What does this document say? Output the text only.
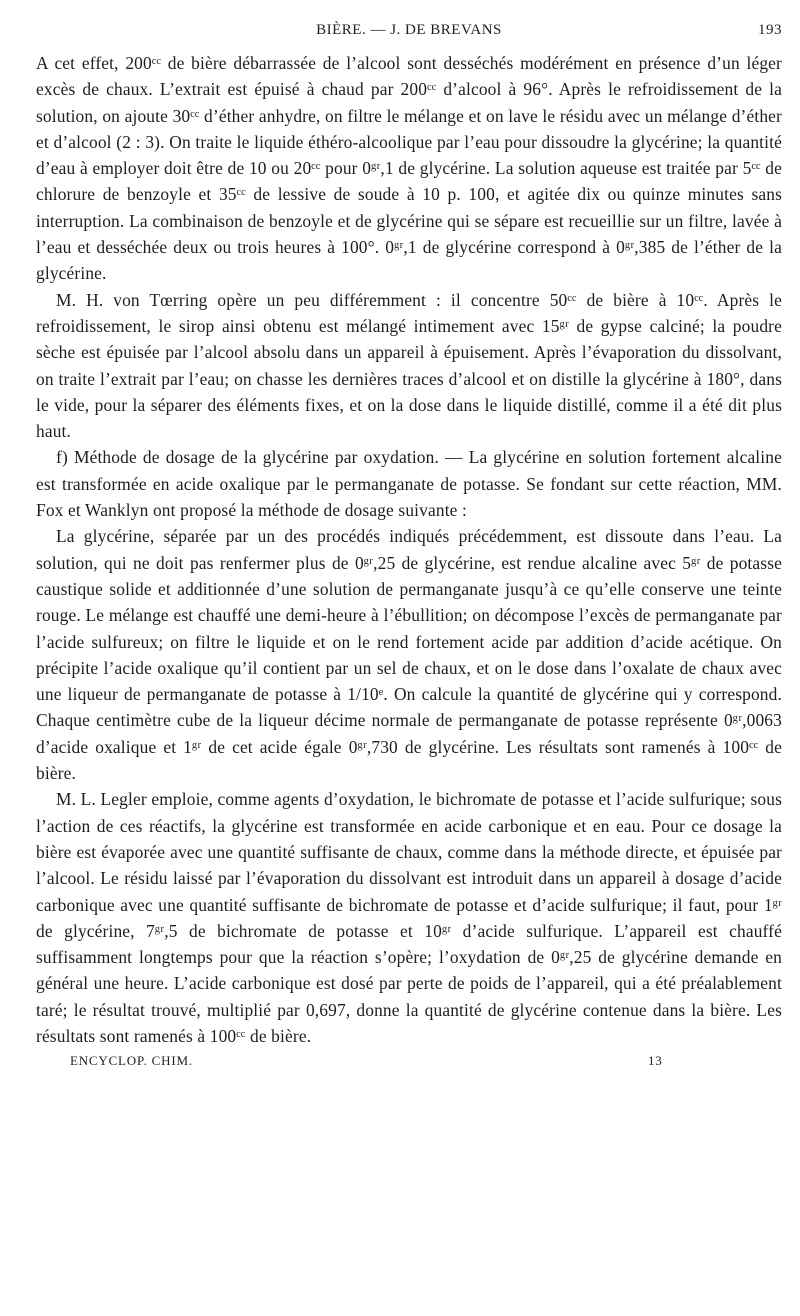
BIÈRE. — J. DE BREVANS	193

A cet effet, 200ᶜᶜ de bière débarrassée de l’alcool sont desséchés modérément en présence d’un léger excès de chaux. L’extrait est épuisé à chaud par 200ᶜᶜ d’alcool à 96°. Après le refroidissement de la solution, on ajoute 30ᶜᶜ d’éther anhydre, on filtre le mélange et on lave le résidu avec un mélange d’éther et d’alcool (2 : 3). On traite le liquide éthéro-alcoolique par l’eau pour dissoudre la glycérine; la quantité d’eau à employer doit être de 10 ou 20ᶜᶜ pour 0ᵍʳ,1 de glycérine. La solution aqueuse est traitée par 5ᶜᶜ de chlorure de benzoyle et 35ᶜᶜ de lessive de soude à 10 p. 100, et agitée dix ou quinze minutes sans interruption. La combinaison de benzoyle et de glycérine qui se sépare est recueillie sur un filtre, lavée à l’eau et desséchée deux ou trois heures à 100°. 0ᵍʳ,1 de glycérine correspond à 0ᵍʳ,385 de l’éther de la glycérine.

M. H. von Tœrring opère un peu différemment : il concentre 50ᶜᶜ de bière à 10ᶜᶜ. Après le refroidissement, le sirop ainsi obtenu est mélangé intimement avec 15ᵍʳ de gypse calciné; la poudre sèche est épuisée par l’alcool absolu dans un appareil à épuisement. Après l’évaporation du dissolvant, on traite l’extrait par l’eau; on chasse les dernières traces d’alcool et on distille la glycérine à 180°, dans le vide, pour la séparer des éléments fixes, et on la dose dans le liquide distillé, comme il a été dit plus haut.

f) Méthode de dosage de la glycérine par oxydation. — La glycérine en solution fortement alcaline est transformée en acide oxalique par le permanganate de potasse. Se fondant sur cette réaction, MM. Fox et Wanklyn ont proposé la méthode de dosage suivante :

La glycérine, séparée par un des procédés indiqués précédemment, est dissoute dans l’eau. La solution, qui ne doit pas renfermer plus de 0ᵍʳ,25 de glycérine, est rendue alcaline avec 5ᵍʳ de potasse caustique solide et additionnée d’une solution de permanganate jusqu’à ce qu’elle conserve une teinte rouge. Le mélange est chauffé une demi-heure à l’ébullition; on décompose l’excès de permanganate par l’acide sulfureux; on filtre le liquide et on le rend fortement acide par addition d’acide acétique. On précipite l’acide oxalique qu’il contient par un sel de chaux, et on le dose dans l’oxalate de chaux avec une liqueur de permanganate de potasse à 1/10ᵉ. On calcule la quantité de glycérine qui y correspond. Chaque centimètre cube de la liqueur décime normale de permanganate de potasse représente 0ᵍʳ,0063 d’acide oxalique et 1ᵍʳ de cet acide égale 0ᵍʳ,730 de glycérine. Les résultats sont ramenés à 100ᶜᶜ de bière.

M. L. Legler emploie, comme agents d’oxydation, le bichromate de potasse et l’acide sulfurique; sous l’action de ces réactifs, la glycérine est transformée en acide carbonique et en eau. Pour ce dosage la bière est évaporée avec une quantité suffisante de chaux, comme dans la méthode directe, et épuisée par l’alcool. Le résidu laissé par l’évaporation du dissolvant est introduit dans un appareil à dosage d’acide carbonique avec une quantité suffisante de bichromate de potasse et d’acide sulfurique; il faut, pour 1ᵍʳ de glycérine, 7ᵍʳ,5 de bichromate de potasse et 10ᵍʳ d’acide sulfurique. L’appareil est chauffé suffisamment longtemps pour que la réaction s’opère; l’oxydation de 0ᵍʳ,25 de glycérine demande en général une heure. L’acide carbonique est dosé par perte de poids de l’appareil, qui a été préalablement taré; le résultat trouvé, multiplié par 0,697, donne la quantité de glycérine contenue dans la bière. Les résultats sont ramenés à 100ᶜᶜ de bière.

ENCYCLOP. CHIM.	13
